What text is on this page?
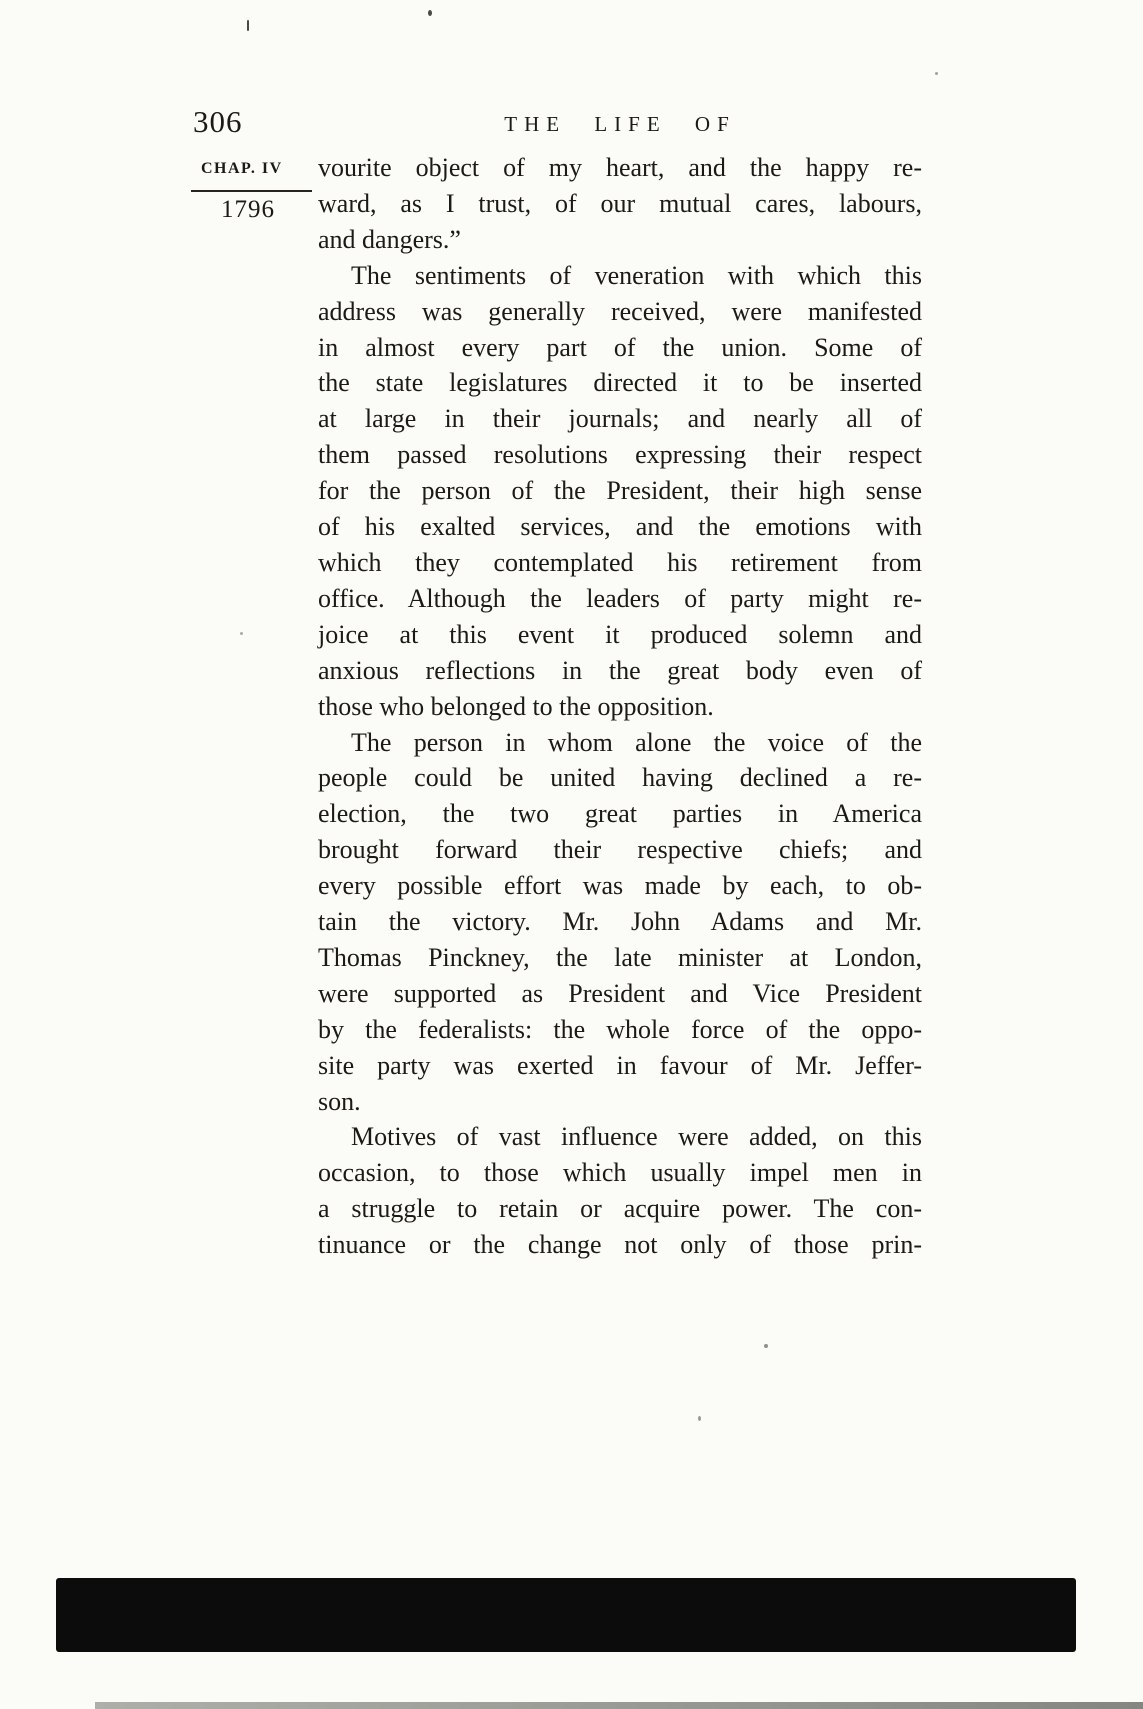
306	THE LIFE OF
CHAP. IV
1796
vourite object of my heart, and the happy re-
ward, as I trust, of our mutual cares, labours,
and dangers.”
The sentiments of veneration with which this
address was generally received, were manifested
in almost every part of the union. Some of
the state legislatures directed it to be inserted
at large in their journals; and nearly all of
them passed resolutions expressing their respect
for the person of the President, their high sense
of his exalted services, and the emotions with
which they contemplated his retirement from
office. Although the leaders of party might re-
joice at this event it produced solemn and
anxious reflections in the great body even of
those who belonged to the opposition.
The person in whom alone the voice of the
people could be united having declined a re-
election, the two great parties in America
brought forward their respective chiefs; and
every possible effort was made by each, to ob-
tain the victory. Mr. John Adams and Mr.
Thomas Pinckney, the late minister at London,
were supported as President and Vice President
by the federalists: the whole force of the oppo-
site party was exerted in favour of Mr. Jeffer-
son.
Motives of vast influence were added, on this
occasion, to those which usually impel men in
a struggle to retain or acquire power. The con-
tinuance or the change not only of those prin-
